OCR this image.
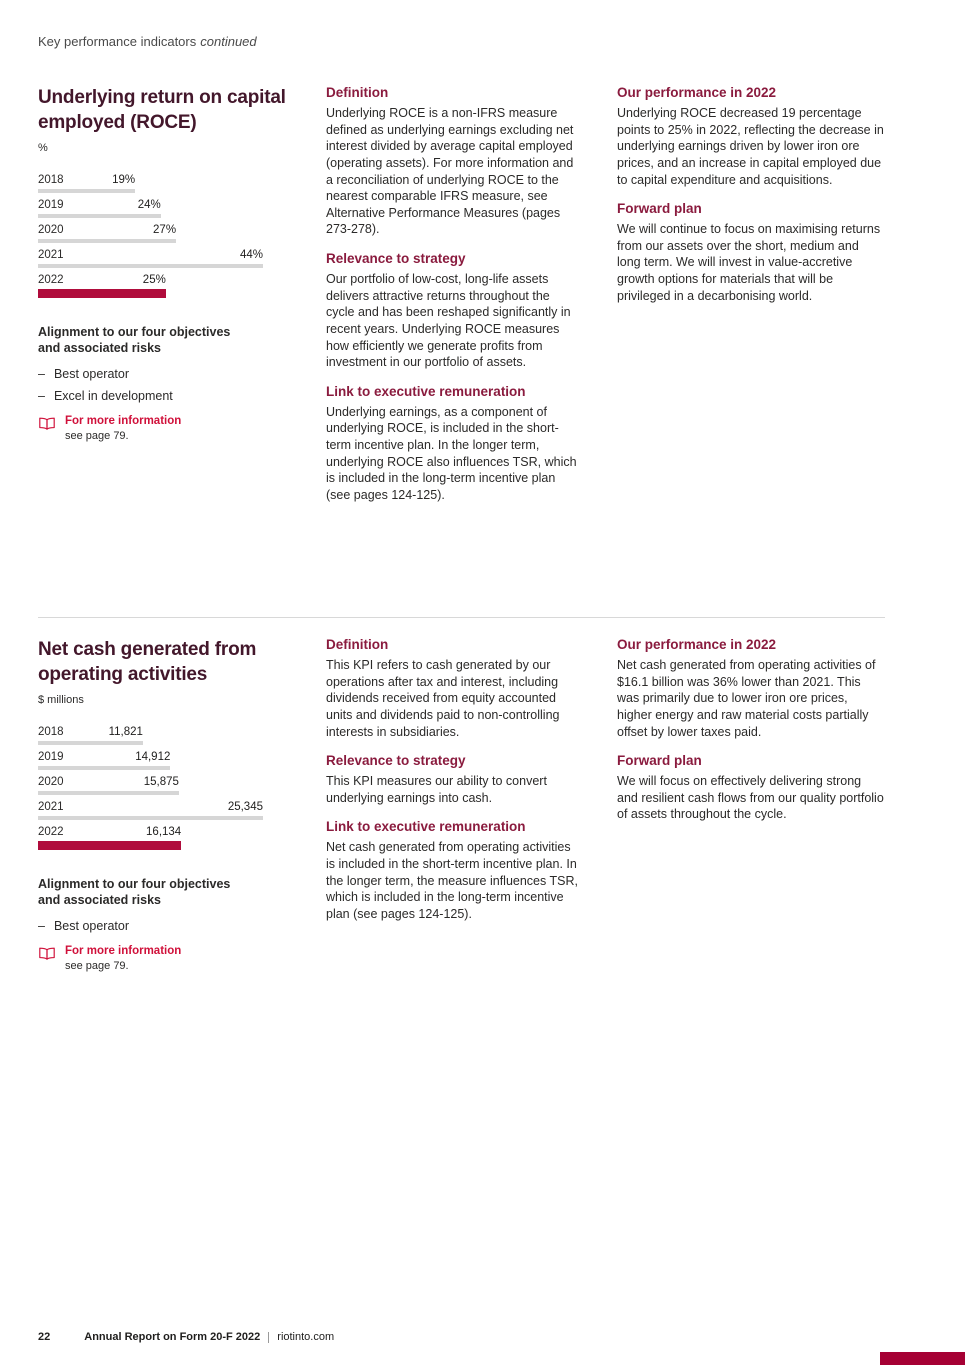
Key performance indicators continued
Underlying return on capital employed (ROCE)
%
2018	19%
2019	24%
2020	27%
2021	44%
2022	25%
Alignment to our four objectives and associated risks
– Best operator
– Excel in development
For more information
see page 79.
Definition

Underlying ROCE is a non-IFRS measure defined as underlying earnings excluding net interest divided by average capital employed (operating assets). For more information and a reconciliation of underlying ROCE to the nearest comparable IFRS measure, see Alternative Performance Measures (pages 273-278).

Relevance to strategy

Our portfolio of low-cost, long-life assets delivers attractive returns throughout the cycle and has been reshaped significantly in recent years. Underlying ROCE measures how efficiently we generate profits from investment in our portfolio of assets.

Link to executive remuneration

Underlying earnings, as a component of underlying ROCE, is included in the short-term incentive plan. In the longer term, underlying ROCE also influences TSR, which is included in the long-term incentive plan (see pages 124-125).

Our performance in 2022

Underlying ROCE decreased 19 percentage points to 25% in 2022, reflecting the decrease in underlying earnings driven by lower iron ore prices, and an increase in capital employed due to capital expenditure and acquisitions.

Forward plan

We will continue to focus on maximising returns from our assets over the short, medium and long term. We will invest in value-accretive growth options for materials that will be privileged in a decarbonising world.

Net cash generated from operating activities
$ millions
2018	11,821
2019	14,912
2020	15,875
2021	25,345
2022	16,134
Alignment to our four objectives and associated risks
– Best operator
For more information
see page 79.
Definition

This KPI refers to cash generated by our operations after tax and interest, including dividends received from equity accounted units and dividends paid to non-controlling interests in subsidiaries.

Relevance to strategy

This KPI measures our ability to convert underlying earnings into cash.

Link to executive remuneration

Net cash generated from operating activities is included in the short-term incentive plan. In the longer term, the measure influences TSR, which is included in the long-term incentive plan (see pages 124-125).

Our performance in 2022

Net cash generated from operating activities of $16.1 billion was 36% lower than 2021. This was primarily due to lower iron ore prices, higher energy and raw material costs partially offset by lower taxes paid.

Forward plan

We will focus on effectively delivering strong and resilient cash flows from our quality portfolio of assets throughout the cycle.

22	Annual Report on Form 20-F 2022 riotinto.com
